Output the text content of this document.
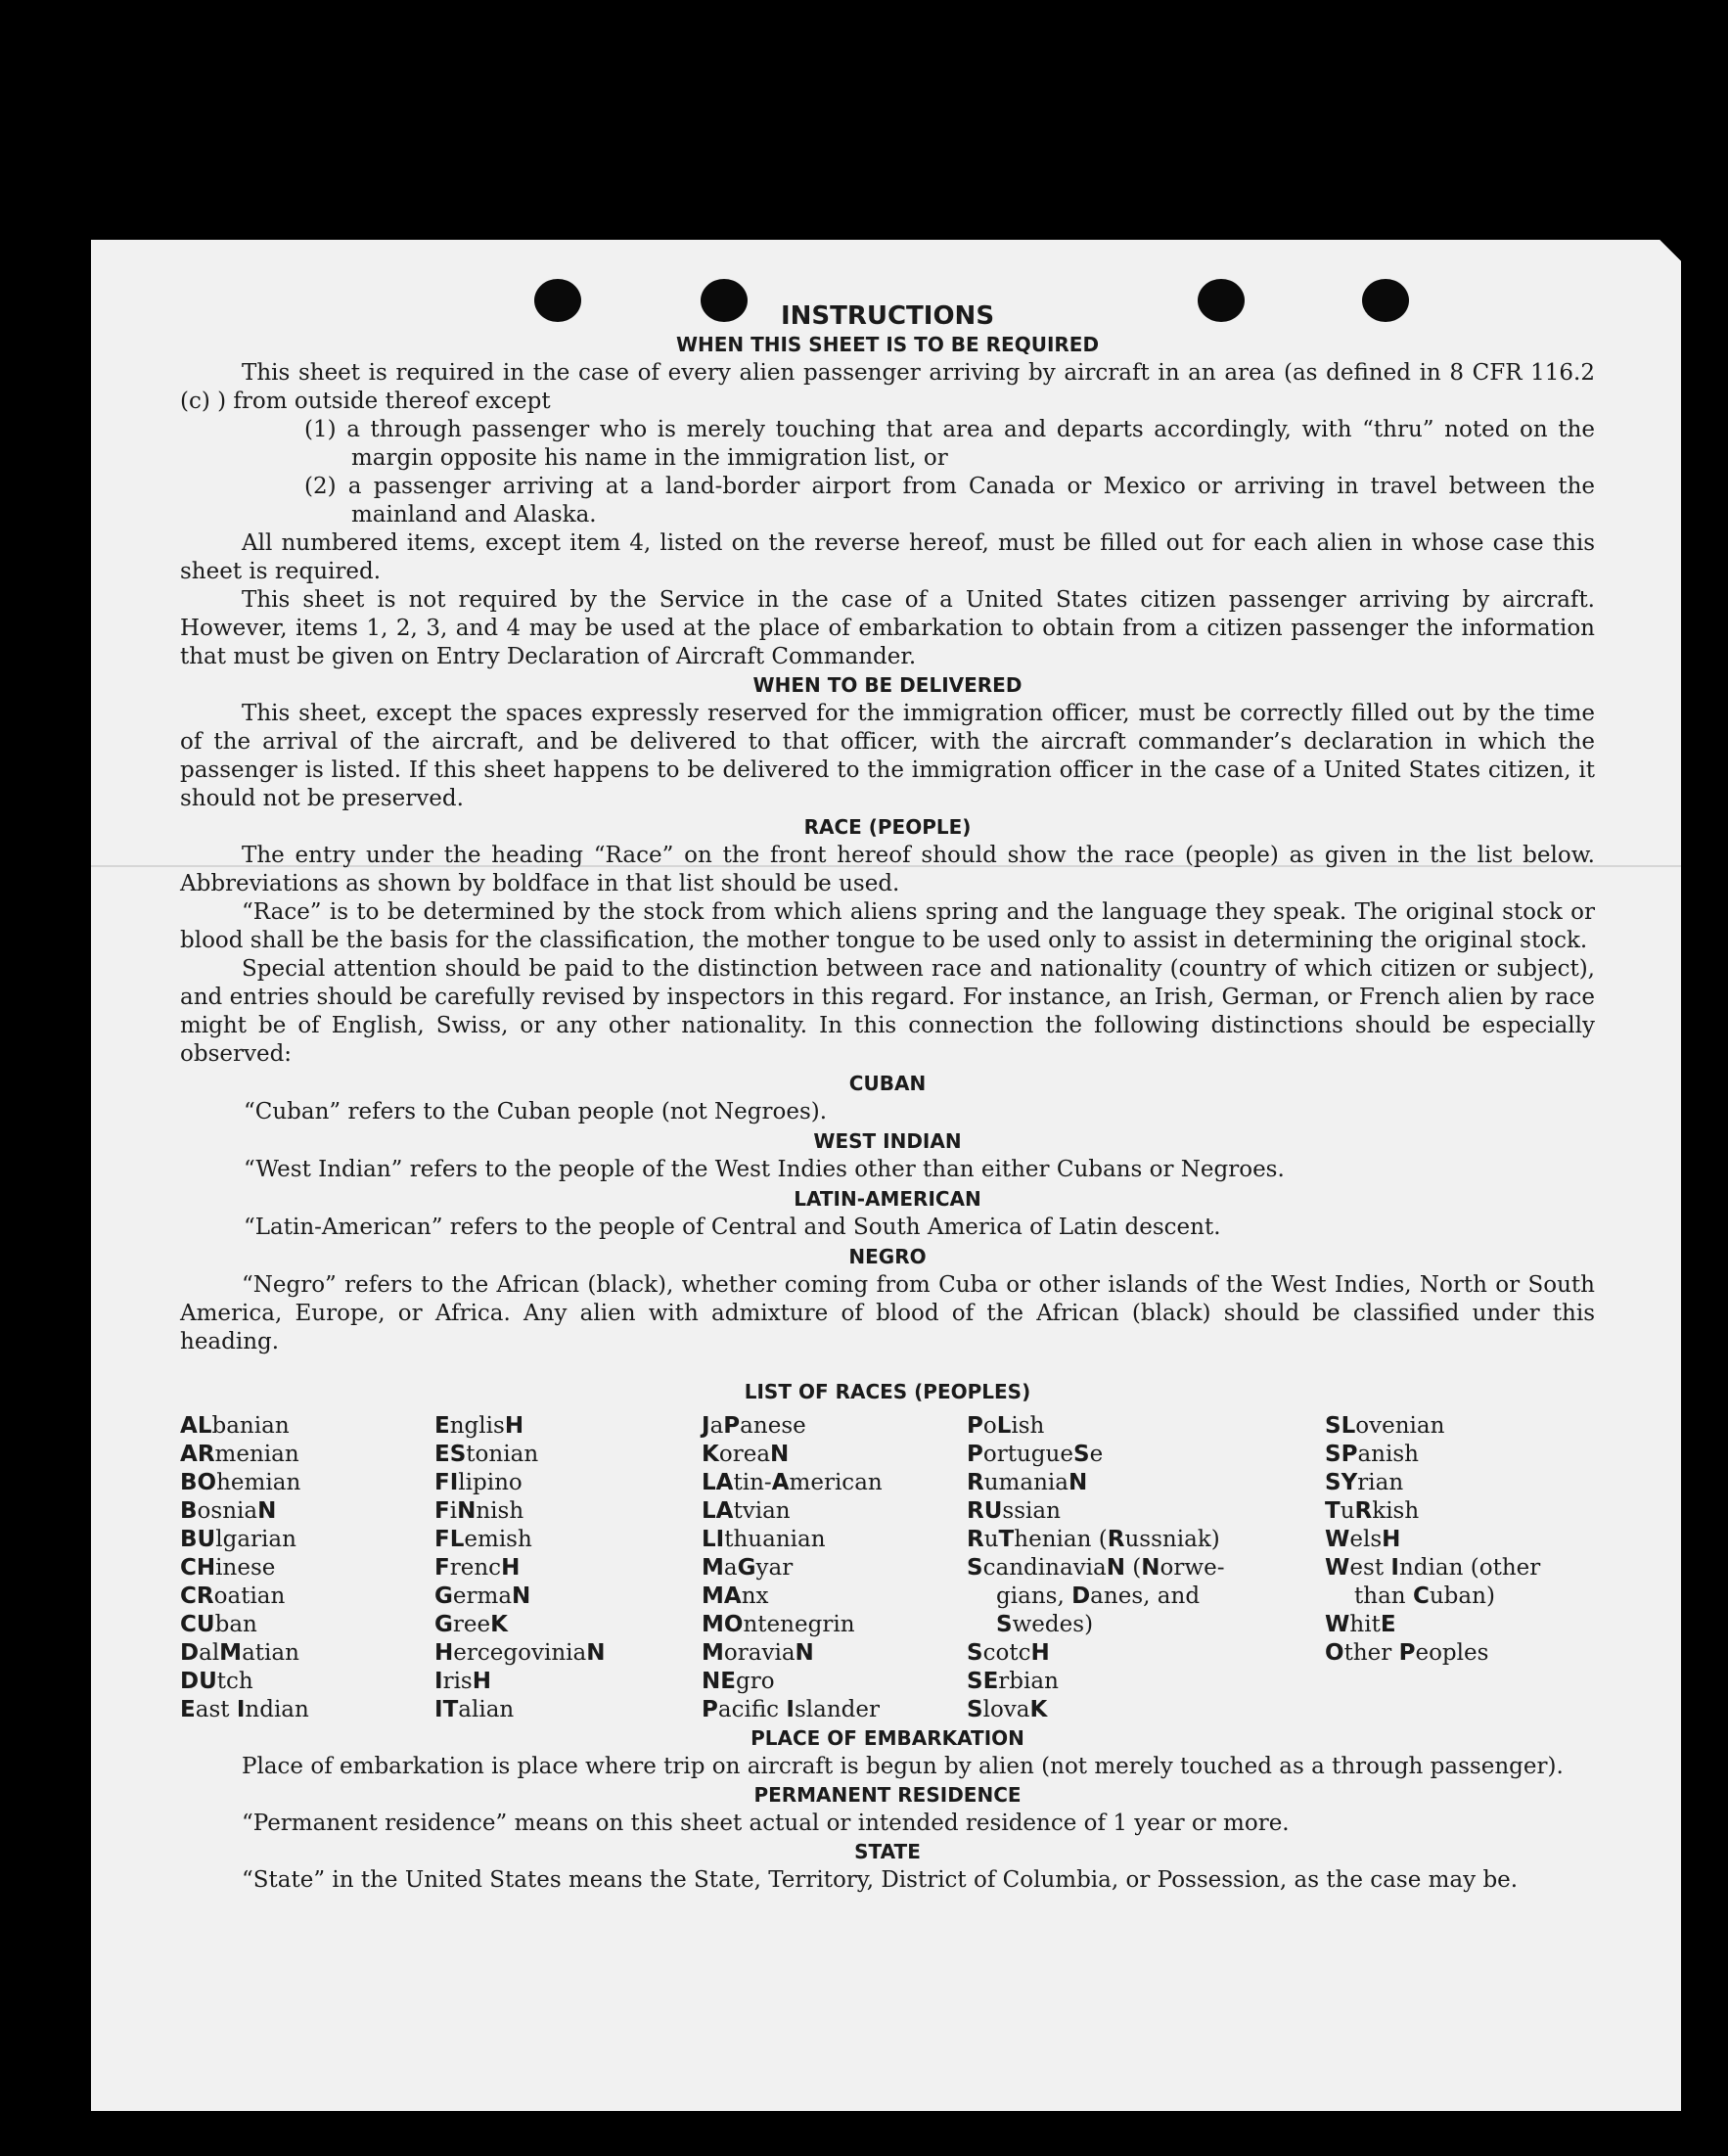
INSTRUCTIONS
WHEN THIS SHEET IS TO BE REQUIRED

This sheet is required in the case of every alien passenger arriving by aircraft in an area (as defined in 8 CFR 116.2 (c) ) from outside thereof except

(1) a through passenger who is merely touching that area and departs accordingly, with “thru” noted on the margin opposite his name in the immigration list, or

(2) a passenger arriving at a land-border airport from Canada or Mexico or arriving in travel between the mainland and Alaska.

All numbered items, except item 4, listed on the reverse hereof, must be filled out for each alien in whose case this sheet is required.

This sheet is not required by the Service in the case of a United States citizen passenger arriving by aircraft. However, items 1, 2, 3, and 4 may be used at the place of embarkation to obtain from a citizen passenger the information that must be given on Entry Declaration of Aircraft Commander.

WHEN TO BE DELIVERED

This sheet, except the spaces expressly reserved for the immigration officer, must be correctly filled out by the time of the arrival of the aircraft, and be delivered to that officer, with the aircraft commander’s declaration in which the passenger is listed. If this sheet happens to be delivered to the immigration officer in the case of a United States citizen, it should not be preserved.

RACE (PEOPLE)

The entry under the heading “Race” on the front hereof should show the race (people) as given in the list below. Abbreviations as shown by boldface in that list should be used.

“Race” is to be determined by the stock from which aliens spring and the language they speak. The original stock or blood shall be the basis for the classification, the mother tongue to be used only to assist in determining the original stock.

Special attention should be paid to the distinction between race and nationality (country of which citizen or subject), and entries should be carefully revised by inspectors in this regard. For instance, an Irish, German, or French alien by race might be of English, Swiss, or any other nationality. In this connection the following distinctions should be especially observed:

CUBAN
“Cuban” refers to the Cuban people (not Negroes).
WEST INDIAN
“West Indian” refers to the people of the West Indies other than either Cubans or Negroes.
LATIN-AMERICAN
“Latin-American” refers to the people of Central and South America of Latin descent.
NEGRO

“Negro” refers to the African (black), whether coming from Cuba or other islands of the West Indies, North or South America, Europe, or Africa. Any alien with admixture of blood of the African (black) should be classified under this heading.

LIST OF RACES (PEOPLES)
ALbanian
ARmenian
BOhemian
BosniaN
BUlgarian
CHinese
CRoatian
CUban
DalMatian
DUtch
East Indian
EnglisH
EStonian
FIlipino
FiNnish
FLemish
FrencH
GermaN
GreeK
HercegoviniaN
IrisH
ITalian
JaPanese
KoreaN
LAtin-American
LAtvian
LIthuanian
MaGyar
MAnx
MOntenegrin
MoraviaN
NEgro
Pacifc Islander
PoLish
PortugueSe
RumaniaN
RUssian
RuThenian (Russniak)
ScandinaviaN (Norwe-
gians, Danes, and
Swedes)
ScotcH
SErbian
SlovaK
SLovenian
SPanish
SYrian
TuRkish
WelsH
West Indian (other
than Cuban)
WhitE
Other Peoples
PLACE OF EMBARKATION

Place of embarkation is place where trip on aircraft is begun by alien (not merely touched as a through passenger).

PERMANENT RESIDENCE

“Permanent residence” means on this sheet actual or intended residence of 1 year or more.

STATE

“State” in the United States means the State, Territory, District of Columbia, or Possession, as the case may be.
